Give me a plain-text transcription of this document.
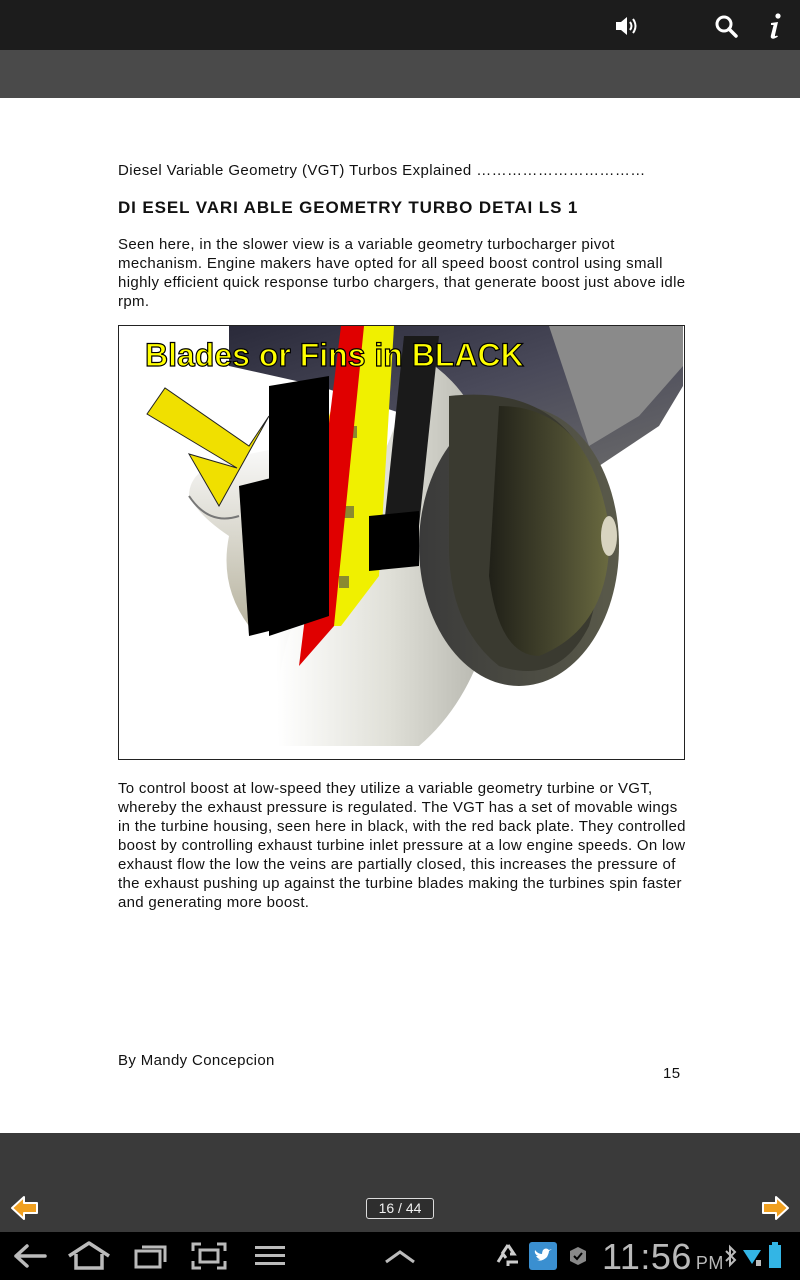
Diesel Variable Geometry (VGT) Turbos Explained ……………………………
DI ESEL VARI ABLE GEOMETRY TURBO DETAI LS 1
Seen here, in the slower view is a variable geometry turbocharger pivot mechanism. Engine makers have opted for all speed boost control using small highly efficient quick response turbo chargers, that generate boost just above idle rpm.
Blades or Fins in BLACK
To control boost at low-speed they utilize a variable geometry turbine or VGT, whereby the exhaust pressure is regulated. The VGT has a set of movable wings in the turbine housing, seen here in black, with the red back plate. They controlled boost by controlling exhaust turbine inlet pressure at a low engine speeds. On low exhaust flow the low the veins are partially closed, this increases the pressure of the exhaust pushing up against the turbine blades making the turbines spin faster and generating more boost.
By Mandy Concepcion
15
16 / 44
11:56 PM
